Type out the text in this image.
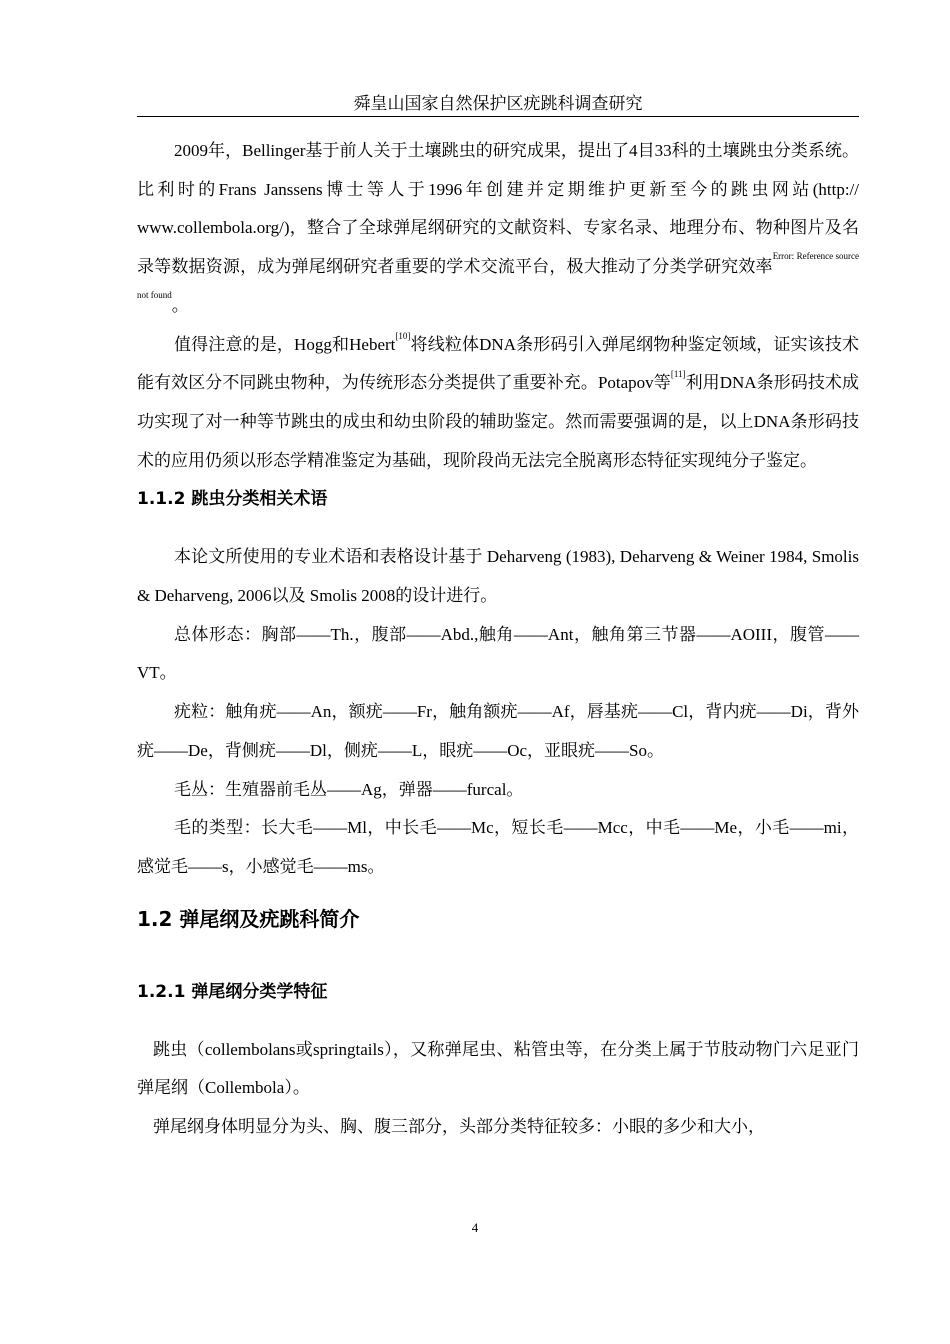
舜皇山国家自然保护区疣跳科调查研究

2009年，Bellinger基于前人关于土壤跳虫的研究成果，提出了4目33科的土壤跳虫分类系统。比利时的Frans Janssens博士等人于1996年创建并定期维护更新至今的跳虫网站(http:// www.collembola.org/)，整合了全球弹尾纲研究的文献资料、专家名录、地理分布、物种图片及名录等数据资源，成为弹尾纲研究者重要的学术交流平台，极大推动了分类学研究效率$^{Error: Reference source not found}$。

值得注意的是，Hogg和Hebert[10]将线粒体DNA条形码引入弹尾纲物种鉴定领域，证实该技术能有效区分不同跳虫物种，为传统形态分类提供了重要补充。Potapov等[11]利用DNA条形码技术成功实现了对一种等节跳虫的成虫和幼虫阶段的辅助鉴定。然而需要强调的是，以上DNA条形码技术的应用仍须以形态学精准鉴定为基础，现阶段尚无法完全脱离形态特征实现纯分子鉴定。

1.1.2 跳虫分类相关术语

本论文所使用的专业术语和表格设计基于 Deharveng (1983), Deharveng & Weiner 1984, Smolis & Deharveng, 2006以及 Smolis 2008的设计进行。

总体形态：胸部——Th.，腹部——Abd.,触角——Ant，触角第三节器——AOIII，腹管——VT。

疣粒：触角疣——An，额疣——Fr，触角额疣——Af，唇基疣——Cl，背内疣——Di，背外疣——De，背侧疣——Dl，侧疣——L，眼疣——Oc，亚眼疣——So。

毛丛：生殖器前毛丛——Ag，弹器——furcal。

毛的类型：长大毛——Ml，中长毛——Mc，短长毛——Mcc，中毛——Me，小毛——mi，感觉毛——s，小感觉毛——ms。

1.2 弹尾纲及疣跳科简介
1.2.1 弹尾纲分类学特征

跳虫（collembolans或springtails），又称弹尾虫、粘管虫等，在分类上属于节肢动物门六足亚门弹尾纲（Collembola）。

弹尾纲身体明显分为头、胸、腹三部分，头部分类特征较多：小眼的多少和大小，

4
